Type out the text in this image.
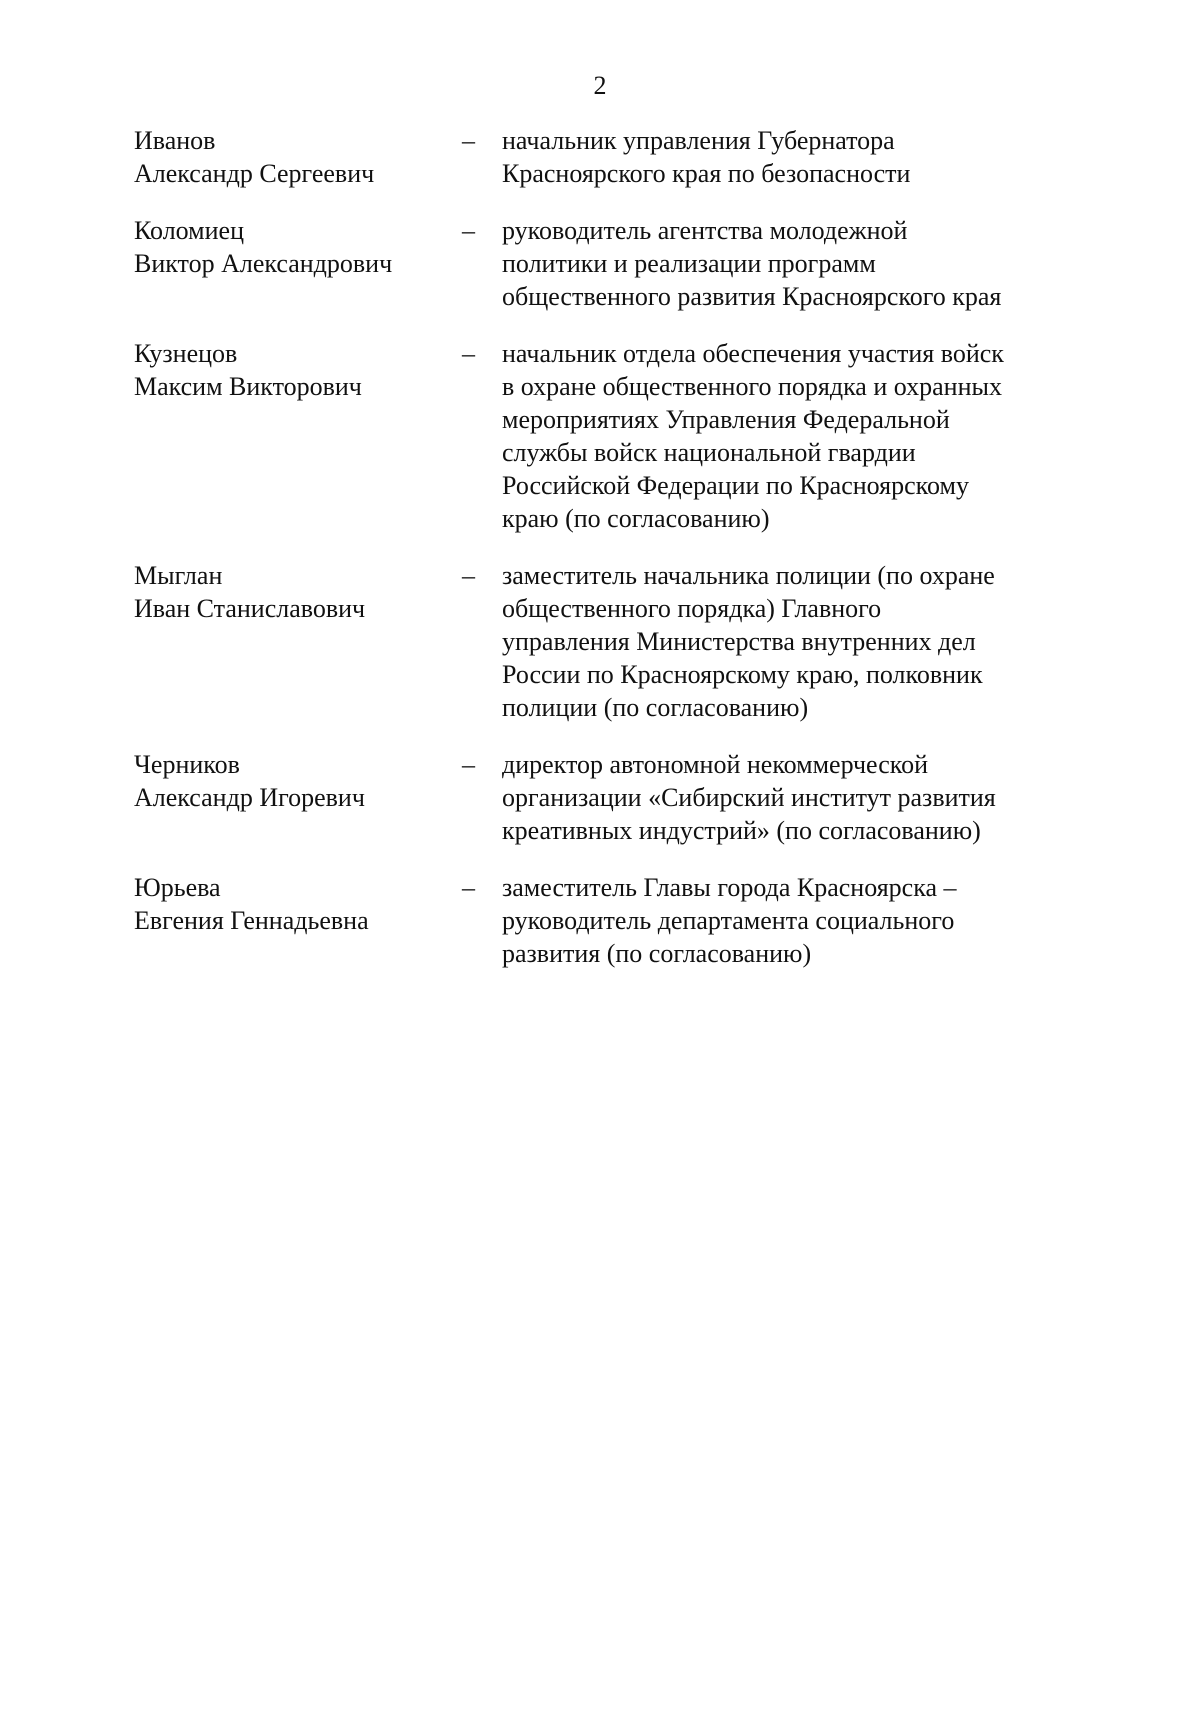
2
Иванов
Александр Сергеевич
–	начальник управления Губернатора
Красноярского края по безопасности
Коломиец
Виктор Александрович
–	руководитель агентства молодежной
политики и реализации программ
общественного развития Красноярского края
Кузнецов
Максим Викторович
–	начальник отдела обеспечения участия войск
в охране общественного порядка и охранных
мероприятиях Управления Федеральной
службы войск национальной гвардии
Российской Федерации по Красноярскому
краю (по согласованию)
Мыглан
Иван Станиславович
–	заместитель начальника полиции (по охране
общественного порядка) Главного
управления Министерства внутренних дел
России по Красноярскому краю, полковник
полиции (по согласованию)
Черников
Александр Игоревич
–	директор автономной некоммерческой
организации «Сибирский институт развития
креативных индустрий» (по согласованию)
Юрьева
Евгения Геннадьевна
–	заместитель Главы города Красноярска –
руководитель департамента социального
развития (по согласованию)
